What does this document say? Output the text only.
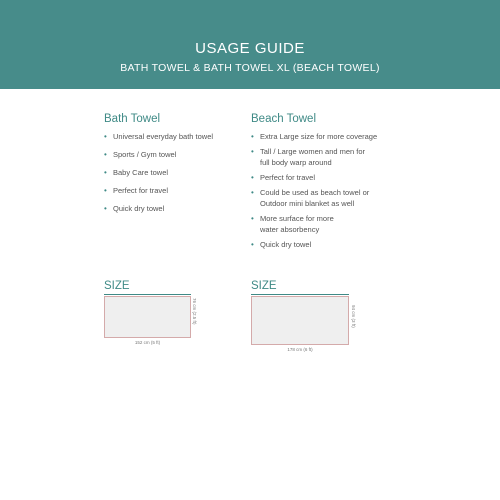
USAGE GUIDE
BATH TOWEL & BATH TOWEL XL (BEACH TOWEL)
Bath Towel
• Universal everyday bath towel
• Sports / Gym towel
• Baby Care towel
• Perfect for travel
• Quick dry towel
Beach Towel
• Extra Large size for more coverage
• Tall / Large women and men for
full body warp around
• Perfect for travel
• Could be used as beach towel or
Outdoor mini blanket as well
• More surface for more
water absorbency
• Quick dry towel
SIZE
152 cm (5 ft)
76 cm (2.5 ft)
SIZE
178 cm (6 ft)
94 cm (3 ft)
